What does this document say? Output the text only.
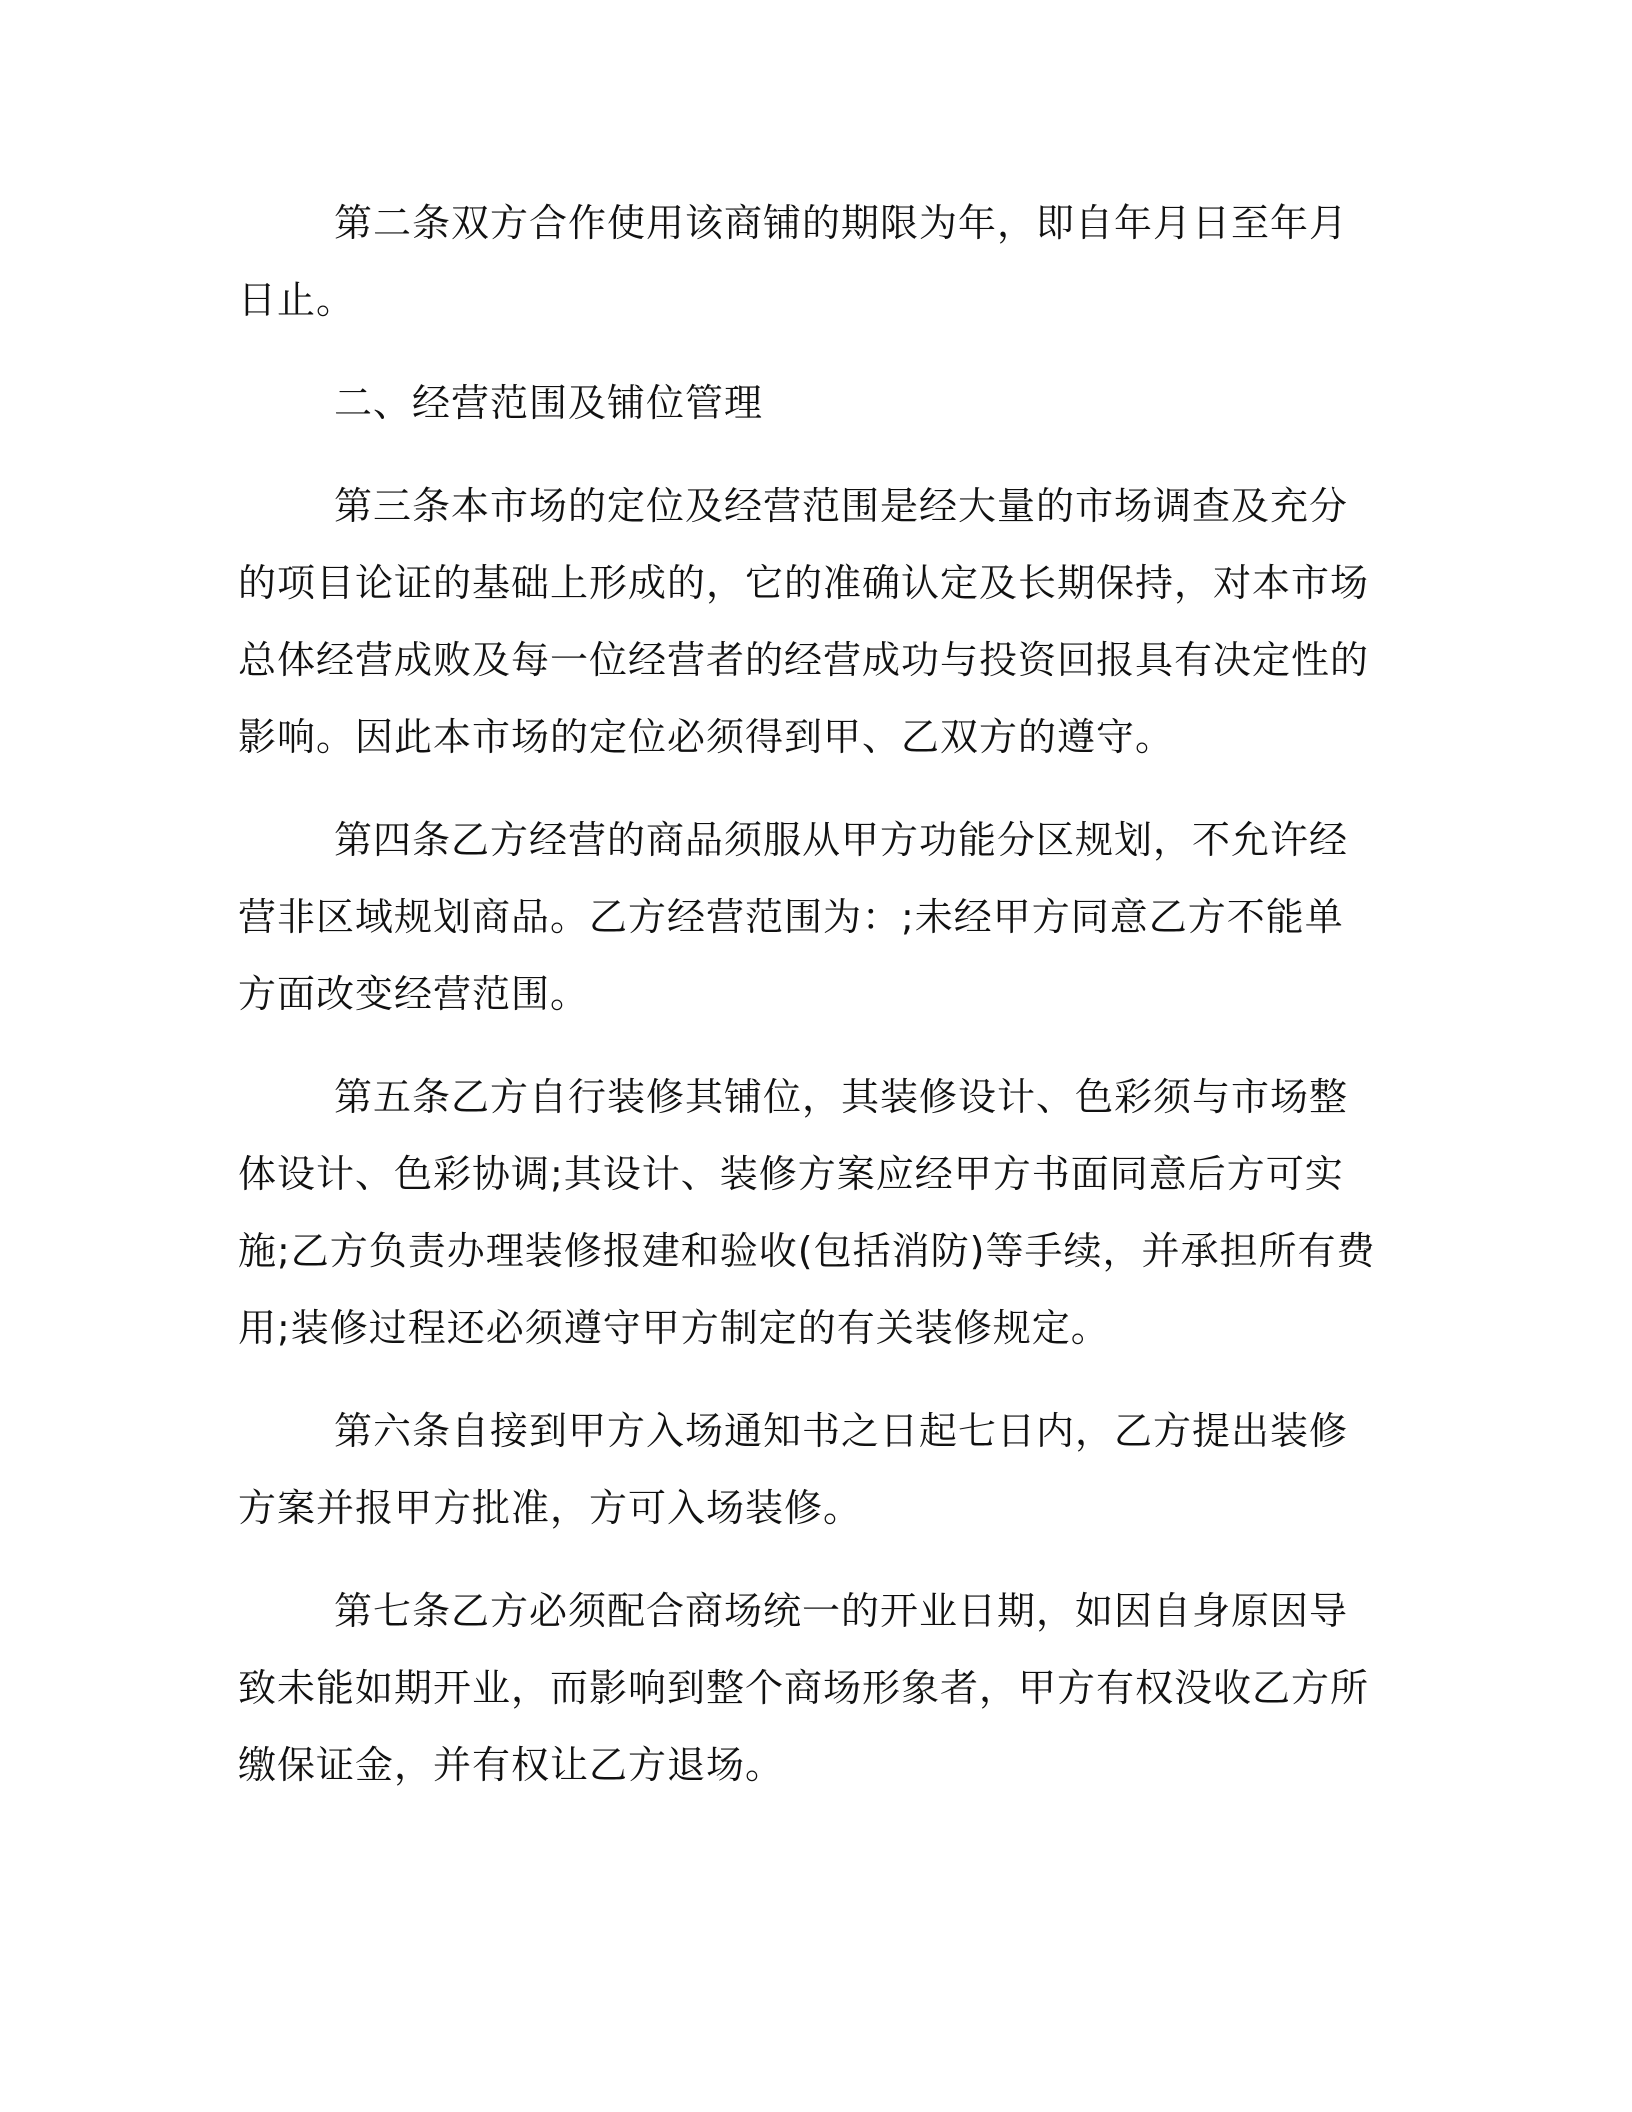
第二条双方合作使用该商铺的期限为年，即自年月日至年月日止。

二、经营范围及铺位管理

第三条本市场的定位及经营范围是经大量的市场调查及充分的项目论证的基础上形成的，它的准确认定及长期保持，对本市场总体经营成败及每一位经营者的经营成功与投资回报具有决定性的影响。因此本市场的定位必须得到甲、乙双方的遵守。

第四条乙方经营的商品须服从甲方功能分区规划，不允许经营非区域规划商品。乙方经营范围为：;未经甲方同意乙方不能单方面改变经营范围。

第五条乙方自行装修其铺位，其装修设计、色彩须与市场整体设计、色彩协调;其设计、装修方案应经甲方书面同意后方可实施;乙方负责办理装修报建和验收(包括消防)等手续，并承担所有费用;装修过程还必须遵守甲方制定的有关装修规定。

第六条自接到甲方入场通知书之日起七日内，乙方提出装修方案并报甲方批准，方可入场装修。

第七条乙方必须配合商场统一的开业日期，如因自身原因导致未能如期开业，而影响到整个商场形象者，甲方有权没收乙方所缴保证金，并有权让乙方退场。
